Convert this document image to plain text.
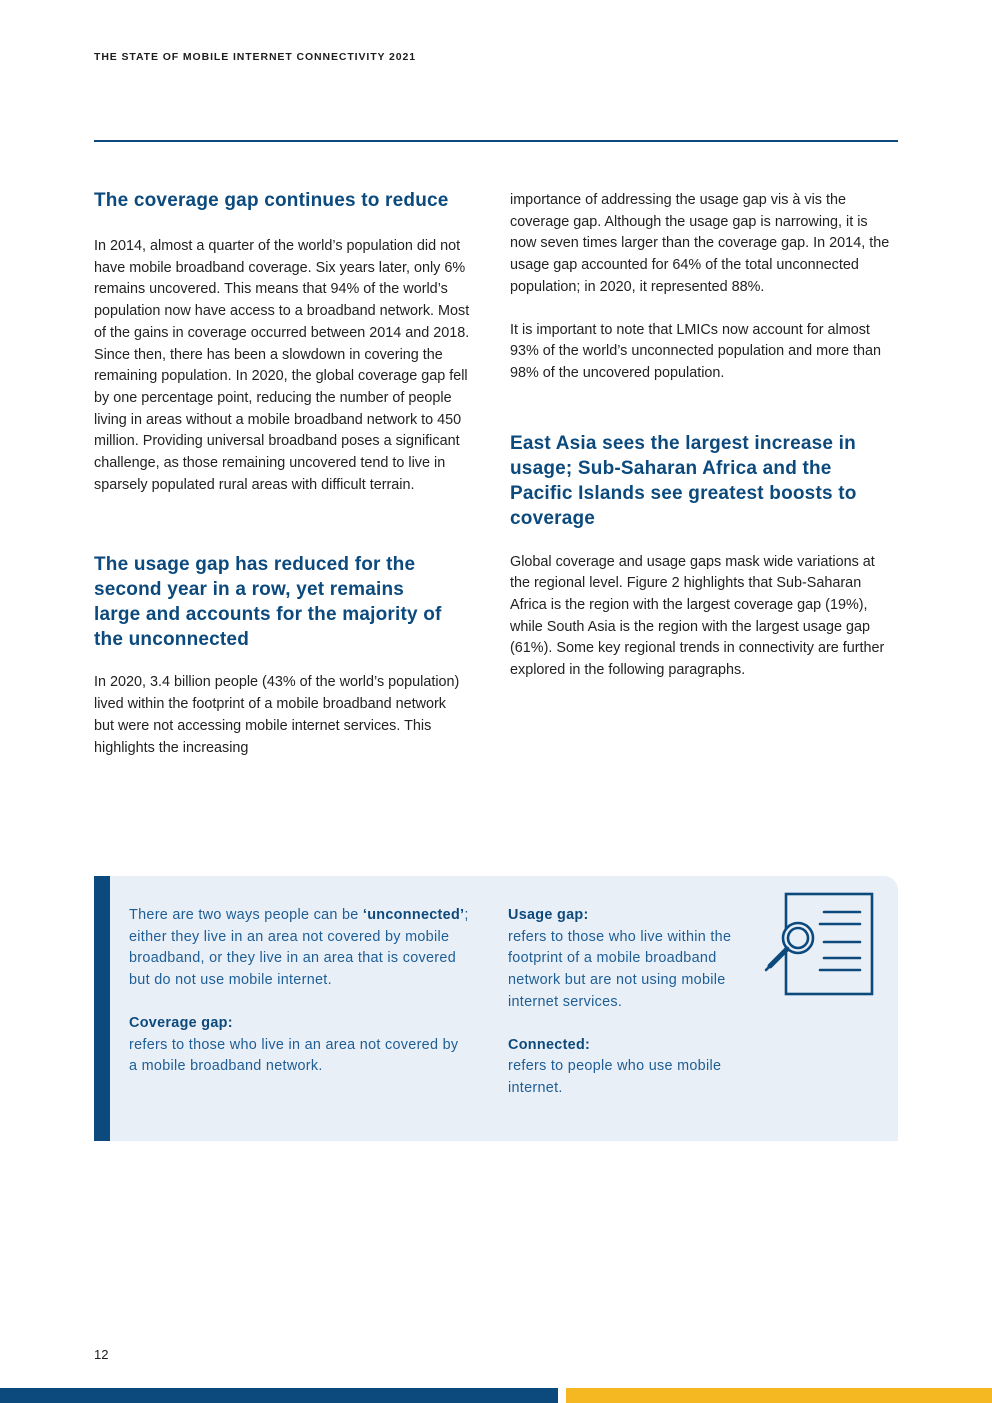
THE STATE OF MOBILE INTERNET CONNECTIVITY 2021
The coverage gap continues to reduce

In 2014, almost a quarter of the world’s population did not have mobile broadband coverage. Six years later, only 6% remains uncovered. This means that 94% of the world’s population now have access to a broadband network. Most of the gains in coverage occurred between 2014 and 2018. Since then, there has been a slowdown in covering the remaining population. In 2020, the global coverage gap fell by one percentage point, reducing the number of people living in areas without a mobile broadband network to 450 million. Providing universal broadband poses a significant challenge, as those remaining uncovered tend to live in sparsely populated rural areas with difficult terrain.

The usage gap has reduced for the second year in a row, yet remains large and accounts for the majority of the unconnected

In 2020, 3.4 billion people (43% of the world’s population) lived within the footprint of a mobile broadband network but were not accessing mobile internet services. This highlights the increasing

importance of addressing the usage gap vis à vis the coverage gap. Although the usage gap is narrowing, it is now seven times larger than the coverage gap. In 2014, the usage gap accounted for 64% of the total unconnected population; in 2020, it represented 88%.

It is important to note that LMICs now account for almost 93% of the world’s unconnected population and more than 98% of the uncovered population.

East Asia sees the largest increase in usage; Sub-Saharan Africa and the Pacific Islands see greatest boosts to coverage

Global coverage and usage gaps mask wide variations at the regional level. Figure 2 highlights that Sub-Saharan Africa is the region with the largest coverage gap (19%), while South Asia is the region with the largest usage gap (61%). Some key regional trends in connectivity are further explored in the following paragraphs.

There are two ways people can be ‘unconnected’; either they live in an area not covered by mobile broadband, or they live in an area that is covered but do not use mobile internet.
Coverage gap:
refers to those who live in an area not covered by a mobile broadband network.
Usage gap:
refers to those who live within the footprint of a mobile broadband network but are not using mobile internet services.
Connected:
refers to people who use mobile internet.
12
